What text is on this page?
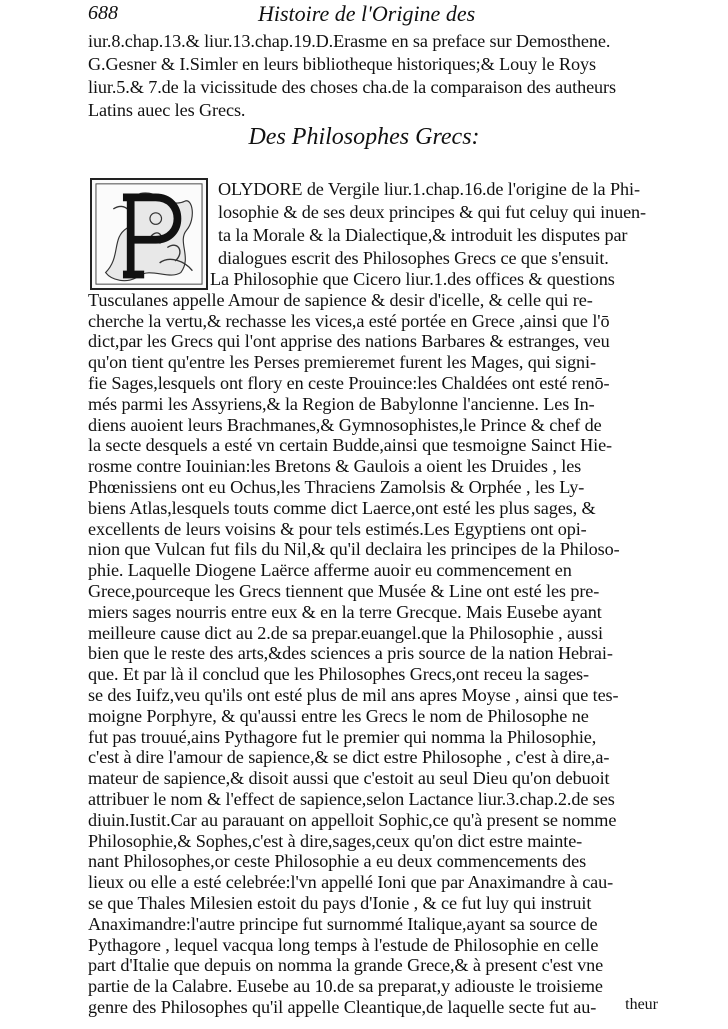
688	Histoire de l'Origine des
iur.8.chap.13.& liur.13.chap.19.D.Erasme en sa preface sur Demosthene.
G.Gesner & I.Simler en leurs bibliotheque historiques;& Louy le Roys
liur.5.& 7.de la vicissitude des choses cha.de la comparaison des autheurs
Latins auec les Grecs.
Des Philosophes Grecs:
OLYDORE de Vergile liur.1.chap.16.de l'origine de la Phi-
losophie & de ses deux principes & qui fut celuy qui inuen-
ta la Morale & la Dialectique,& introduit les disputes par
dialogues escrit des Philosophes Grecs ce que s'ensuit.
La Philosophie que Cicero liur.1.des offices & questions
Tusculanes appelle Amour de sapience & desir d'icelle, & celle qui re-
cherche la vertu,& rechasse les vices,a esté portée en Grece ,ainsi que l'ō
dict,par les Grecs qui l'ont apprise des nations Barbares & estranges, veu
qu'on tient qu'entre les Perses premieremet furent les Mages, qui signi-
fie Sages,lesquels ont flory en ceste Prouince:les Chaldées ont esté renō-
més parmi les Assyriens,& la Region de Babylonne l'ancienne. Les In-
diens auoient leurs Brachmanes,& Gymnosophistes,le Prince & chef de
la secte desquels a esté vn certain Budde,ainsi que tesmoigne Sainct Hie-
rosme contre Iouinian:les Bretons & Gaulois a oient les Druides , les
Phœnissiens ont eu Ochus,les Thraciens Zamolsis & Orphée , les Ly-
biens Atlas,lesquels touts comme dict Laerce,ont esté les plus sages, &
excellents de leurs voisins & pour tels estimés.Les Egyptiens ont opi-
nion que Vulcan fut fils du Nil,& qu'il declaira les principes de la Philoso-
phie. Laquelle Diogene Laërce afferme auoir eu commencement en
Grece,pourceque les Grecs tiennent que Musée & Line ont esté les pre-
miers sages nourris entre eux & en la terre Grecque. Mais Eusebe ayant
meilleure cause dict au 2.de sa prepar.euangel.que la Philosophie , aussi
bien que le reste des arts,&des sciences a pris source de la nation Hebrai-
que. Et par là il conclud que les Philosophes Grecs,ont receu la sages-
se des Iuifz,veu qu'ils ont esté plus de mil ans apres Moyse , ainsi que tes-
moigne Porphyre, & qu'aussi entre les Grecs le nom de Philosophe ne
fut pas trouué,ains Pythagore fut le premier qui nomma la Philosophie,
c'est à dire l'amour de sapience,& se dict estre Philosophe , c'est à dire,a-
mateur de sapience,& disoit aussi que c'estoit au seul Dieu qu'on debuoit
attribuer le nom & l'effect de sapience,selon Lactance liur.3.chap.2.de ses
diuin.Iustit.Car au parauant on appelloit Sophic,ce qu'à present se nomme
Philosophie,& Sophes,c'est à dire,sages,ceux qu'on dict estre mainte-
nant Philosophes,or ceste Philosophie a eu deux commencements des
lieux ou elle a esté celebrée:l'vn appellé Ioni que par Anaximandre à cau-
se que Thales Milesien estoit du pays d'Ionie , & ce fut luy qui instruit
Anaximandre:l'autre principe fut surnommé Italique,ayant sa source de
Pythagore , lequel vacqua long temps à l'estude de Philosophie en celle
part d'Italie que depuis on nomma la grande Grece,& à present c'est vne
partie de la Calabre. Eusebe au 10.de sa preparat,y adiouste le troisieme
genre des Philosophes qu'il appelle Cleantique,de laquelle secte fut au-	theur
